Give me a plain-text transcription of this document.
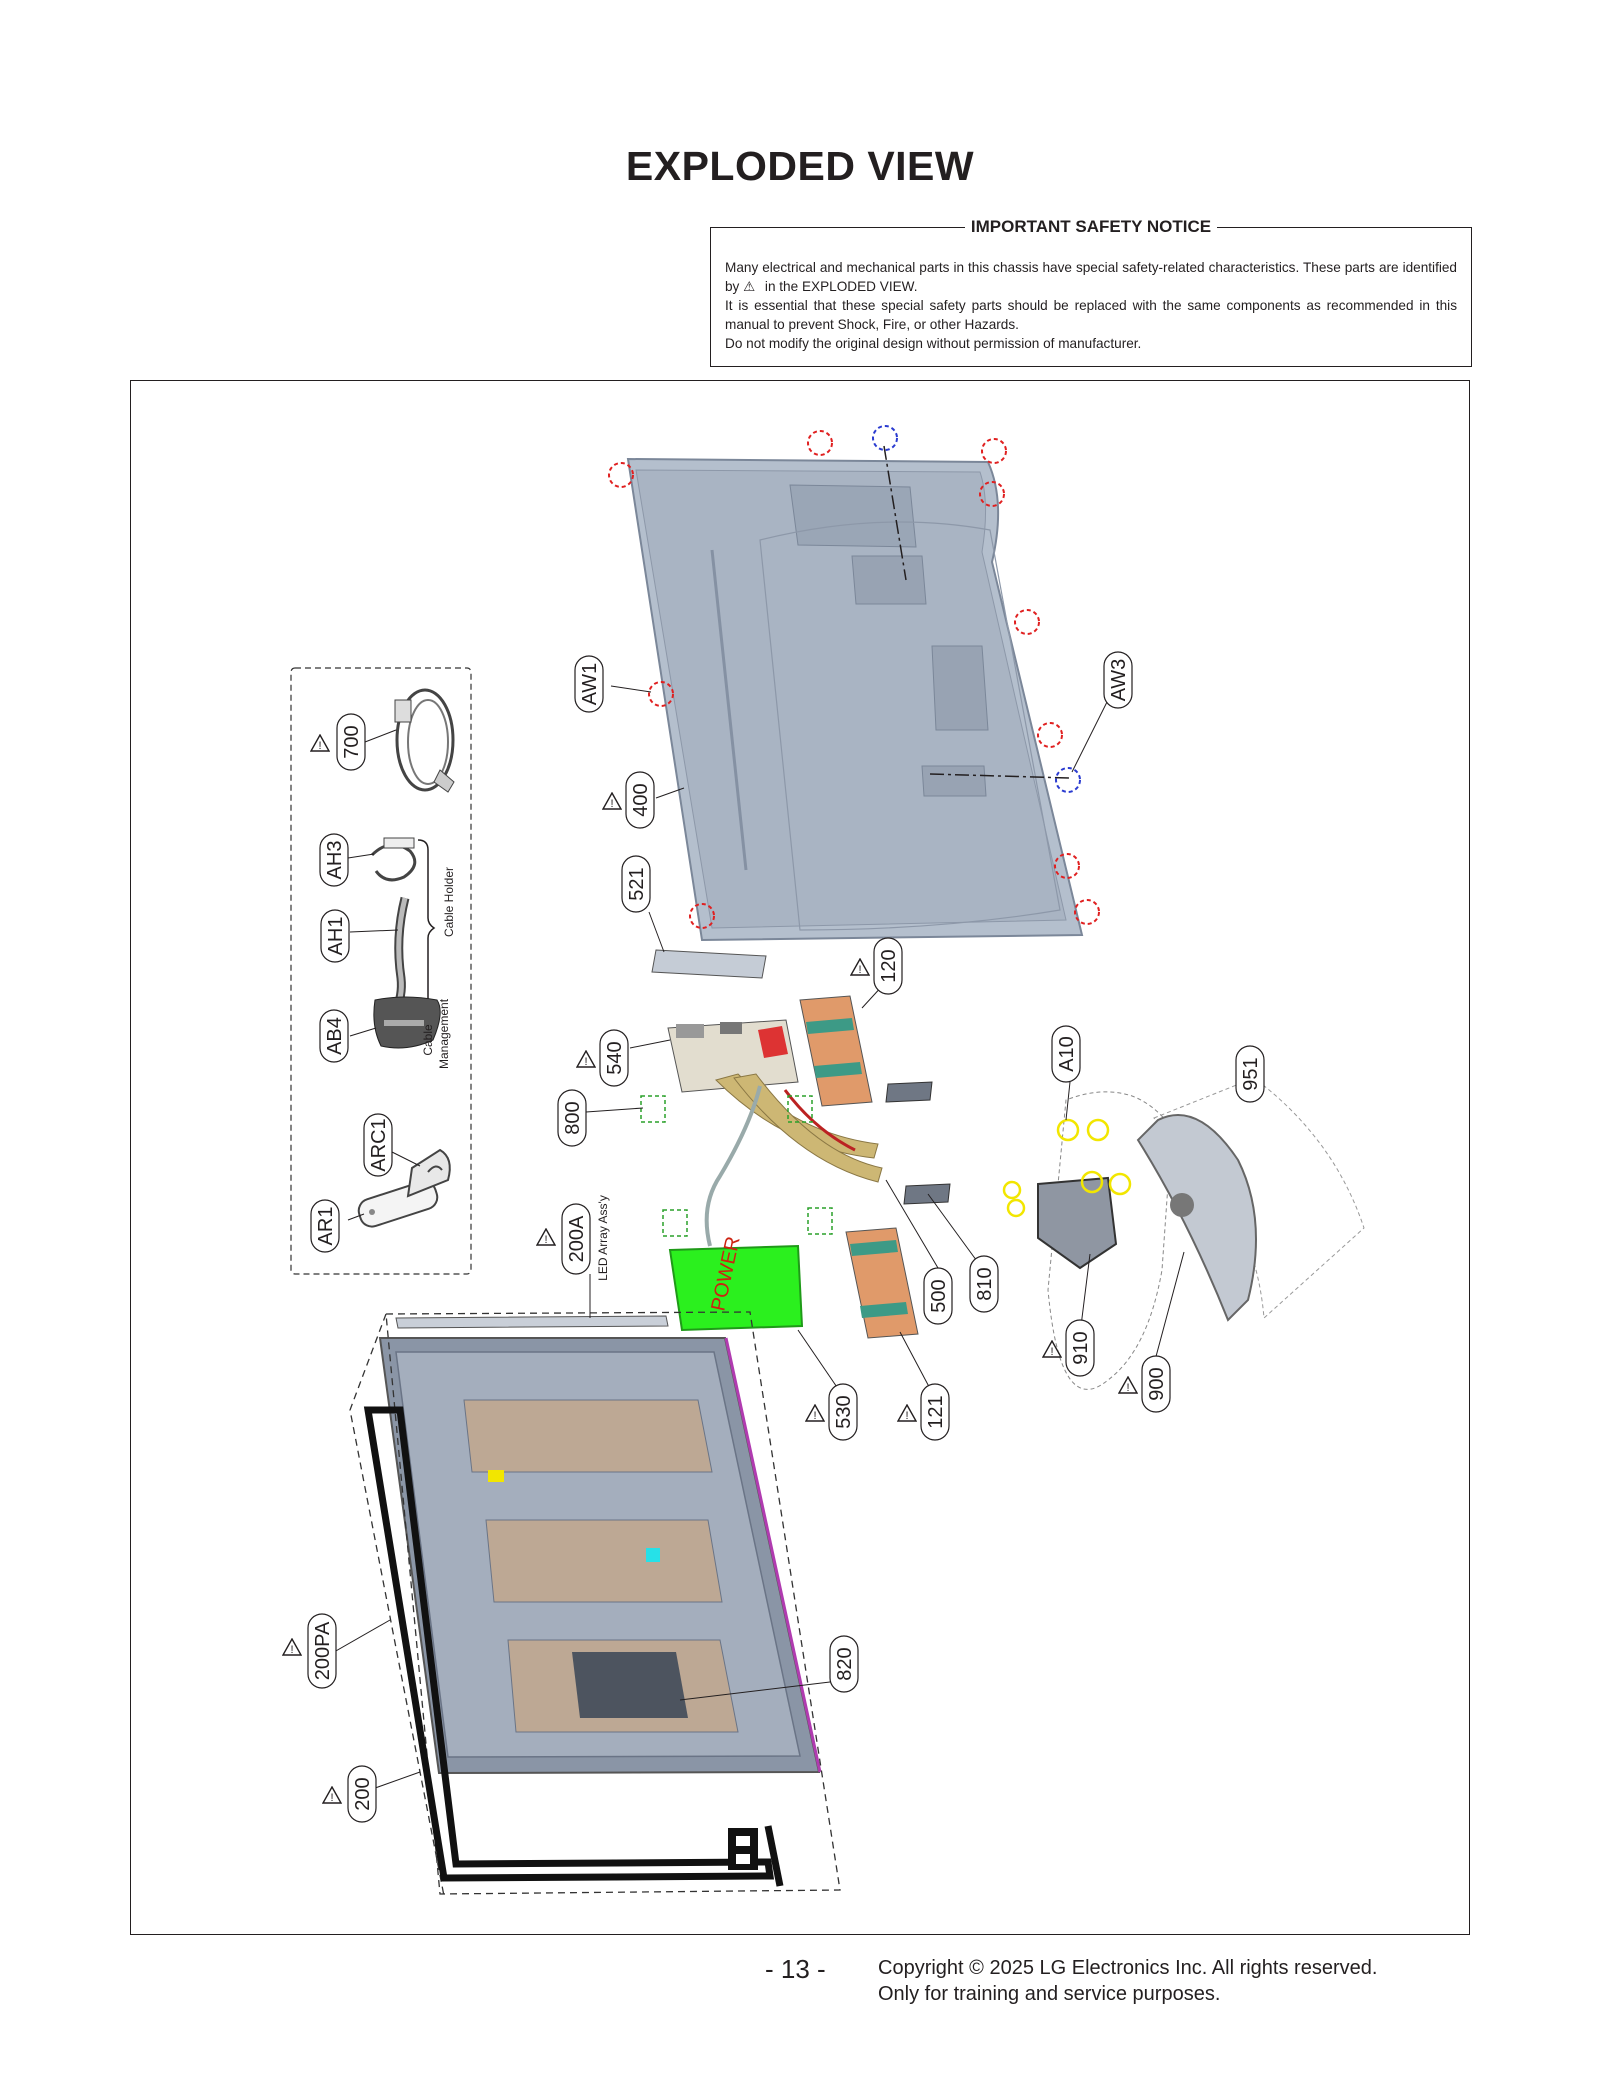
EXPLODED VIEW
IMPORTANT SAFETY NOTICE

Many electrical and mechanical parts in this chassis have special safety-related characteristics. These parts are identified by ⚠ in the EXPLODED VIEW.

It is essential that these special safety parts should be replaced with the same components as recommended in this manual to prevent Shock, Fire, or other Hazards.

Do not modify the original design without permission of manufacturer.

POWER
700
AH3
AH1
AB4
ARC1
AR1
Cable Holder
Cable Management
AW1	AW3
400
521
120
540
800
A10
951
200A LED Array Ass'y
500 810
910
900
530	121
820
200PA
200
- 13 -	Copyright © 2025 LG Electronics Inc. All rights reserved.
Only for training and service purposes.
